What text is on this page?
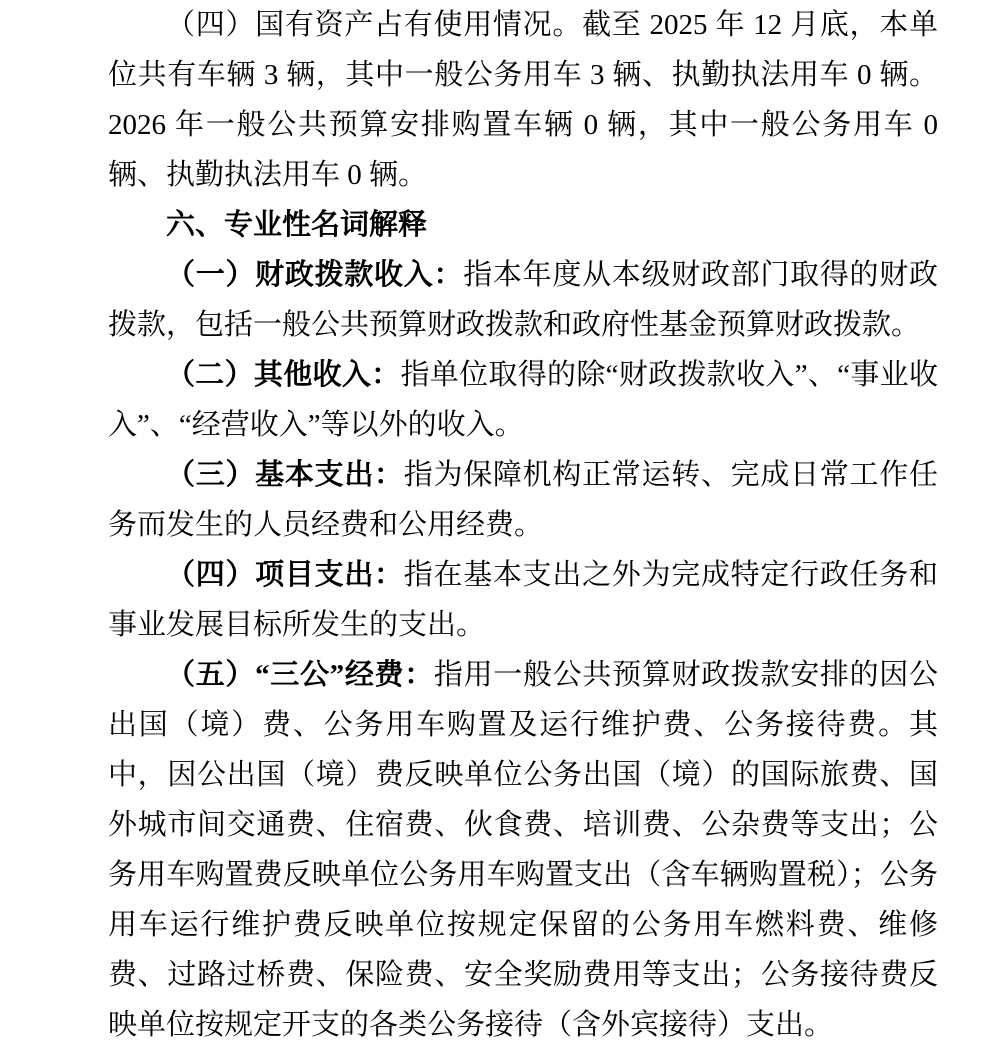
（四）国有资产占有使用情况。截至 2025 年 12 月底，本单位共有车辆 3 辆，其中一般公务用车 3 辆、执勤执法用车 0 辆。2026 年一般公共预算安排购置车辆 0 辆，其中一般公务用车 0 辆、执勤执法用车 0 辆。

六、专业性名词解释

（一）财政拨款收入：指本年度从本级财政部门取得的财政拨款，包括一般公共预算财政拨款和政府性基金预算财政拨款。

（二）其他收入：指单位取得的除“财政拨款收入”、“事业收入”、“经营收入”等以外的收入。

（三）基本支出：指为保障机构正常运转、完成日常工作任务而发生的人员经费和公用经费。

（四）项目支出：指在基本支出之外为完成特定行政任务和事业发展目标所发生的支出。

（五）“三公”经费：指用一般公共预算财政拨款安排的因公出国（境）费、公务用车购置及运行维护费、公务接待费。其中，因公出国（境）费反映单位公务出国（境）的国际旅费、国外城市间交通费、住宿费、伙食费、培训费、公杂费等支出；公务用车购置费反映单位公务用车购置支出（含车辆购置税）；公务用车运行维护费反映单位按规定保留的公务用车燃料费、维修费、过路过桥费、保险费、安全奖励费用等支出；公务接待费反映单位按规定开支的各类公务接待（含外宾接待）支出。
